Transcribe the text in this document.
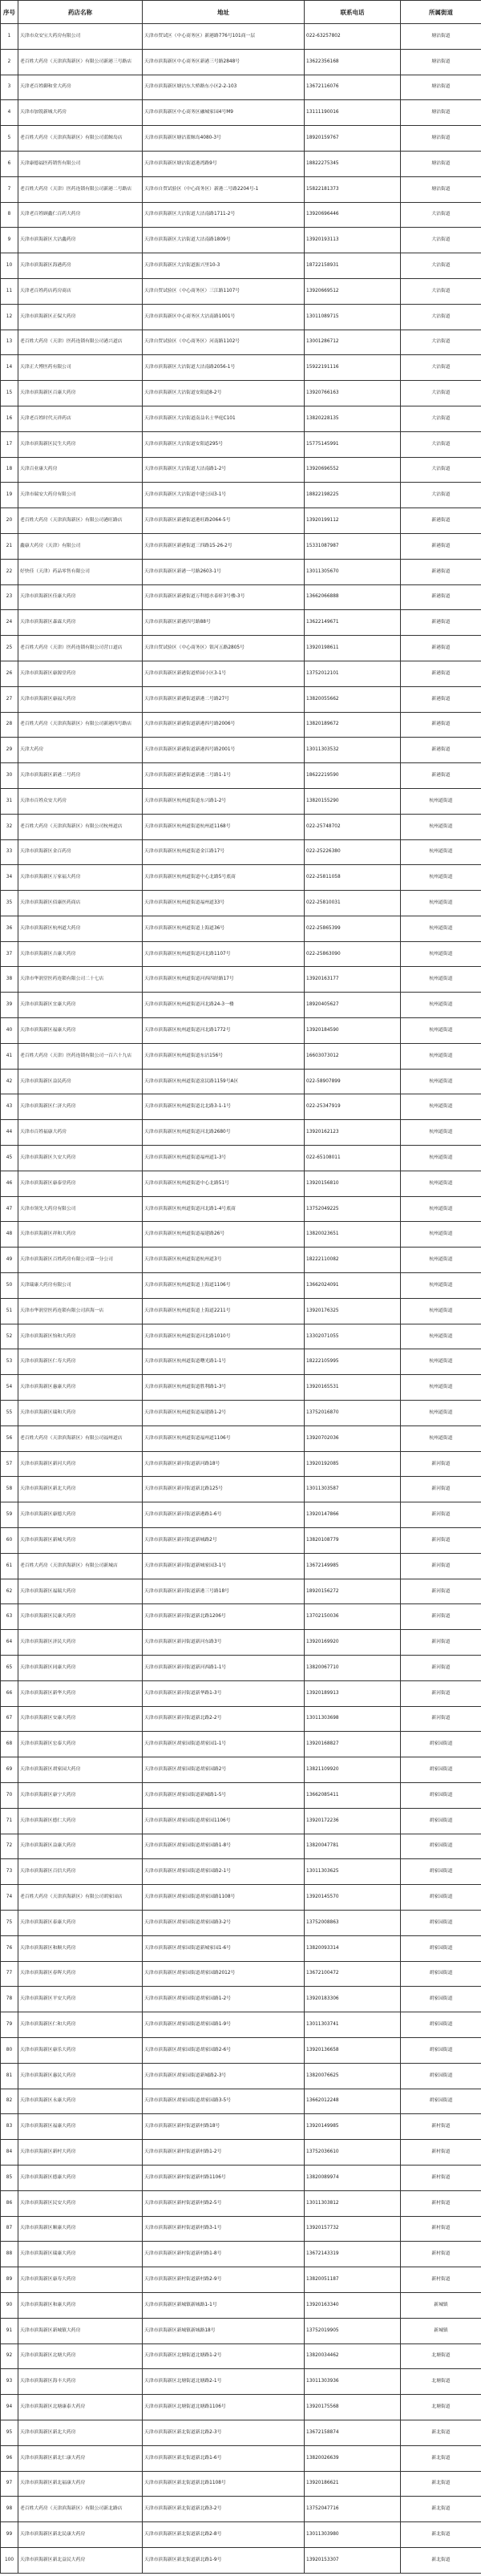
序号	药店名称	地址	联系电话	所属街道
1	天津市众安宝大药房有限公司	天津市贸试区（中心商务区）新港路776号101商一层	022-63257802	塘沽街道
2	老百姓大药房（天津滨海新区）有限公司新港三号路店	天津市滨海新区中心商务区新港三号路2848号	13622356168	塘沽街道
3	天津老百姓御和堂大药房	天津市滨海新区塘沽东大桥路东小区2-2-103	13672116076	塘沽街道
4	天津市加锐新城大药房	天津市滨海新区中心商务区融城家园4号M9	13111190016	塘沽街道
5	老百姓大药房（天津滨海新区）有限公司蓝鲸岛店	天津市滨海新区塘沽蓝鲸岛4080-3号	18920159767	塘沽街道
6	天津康德福医药销售有限公司	天津市滨海新区塘沽街道港湾路9号	18822275345	塘沽街道
7	老百姓大药房（天津）医药连锁有限公司新港二号路店	天津市自贸试验区（中心商务区）新港二号路2204号-1	15822181373	塘沽街道
8	天津老百姓顾鑫仁百药大药房	天津市滨海新区大沽街道大沽南路1711-2号	13920696446	大沽街道
9	天津市滨海新区大沽鑫药房	天津市滨海新区大沽街道大沽南路1809号	13920193113	大沽街道
10	天津市滨海新区海港药房	天津市滨海新区大沽街道振兴里10-3	18722158931	大沽街道
11	天津老百姓药店药房商店	天津自贸试验区（中心商务区）三江路1107号	13920669512	大沽街道
12	天津市滨海新区正保大药房	天津市滨海新区中心商务区大沽南路1001号	13011089715	大沽街道
13	老百姓大药房（天津）医药连锁有限公司港兴道店	天津自贸试验区（中心商务区）河南路1102号	13001286712	大沽街道
14	天津正大博医药有限公司	天津市滨海新区大沽街道大沽南路2056-1号	15922191116	大沽街道
15	天津市滨海新区百康大药房	天津市滨海新区大沽街道安阳道8-2号	13920766163	大沽街道
16	天津老百姓时代天祥药店	天津市滨海新区大沽街道南益名士华庭C101	13820228135	大沽街道
17	天津市滨海新区民生大药房	天津市滨海新区大沽街道安阳道295号	15775145991	大沽街道
18	天津百业康大药房	天津市滨海新区大沽街道大沽南路1-2号	13920696552	大沽街道
19	天津市瑞安大药房有限公司	天津市滨海新区大沽街道中建公园3-1号	18822198225	大沽街道
20	老百姓大药房（天津滨海新区）有限公司港旺路店	天津市滨海新区新港街道港旺路2064-5号	13920199112	新港街道
21	鑫康大药房（天津）有限公司	天津市滨海新区新港街道三四路15-26-2号	15331087987	新港街道
22	好快佳（天津）药品零售有限公司	天津市滨海新区新港一号路2603-1号	13011305670	新港街道
23	天津市滨海新区佳康大药房	天津市滨海新区新港街道万科德水泰轩3号楼-3号	13662066888	新港街道
24	天津市滨海新区森霖大药房	天津市滨海新区新港四号路88号	13622149671	新港街道
25	老百姓大药房（天津）医药连锁有限公司营口道店	天津自贸试验区（中心商务区）银河五路2805号	13920198611	新港街道
26	天津市滨海新区康源堂药房	天津市滨海新区新港街道桥园小区3-1号	13752012101	新港街道
27	天津市滨海新区康福大药房	天津市滨海新区新港街道新港二号路27号	13820055662	新港街道
28	老百姓大药房（天津滨海新区）有限公司新港四号路店	天津市滨海新区新港街道新港四号路2006号	13820189672	新港街道
29	天津大药房	天津市滨海新区新港街道新港四号路2001号	13011303532	新港街道
30	天津市滨海新区新港二号药房	天津市滨海新区新港街道新港二号路1-1号	18622219590	新港街道
31	天津市百姓众安大药房	天津市滨海新区杭州道街道东兴路1-2号	13820155290	杭州道街道
32	老百姓大药房（天津滨海新区）有限公司杭州道店	天津市滨海新区杭州道街道杭州道1168号	022-25748702	杭州道街道
33	天津市滨海新区金百药房	天津市滨海新区杭州道街道金江路17号	022-25226380	杭州道街道
34	天津市滨海新区万家福大药房	天津市滨海新区杭州道街道中心北路5号底商	022-25811058	杭州道街道
35	天津市滨海新区佰康医药商店	天津市滨海新区杭州道街道福州道33号	022-25810031	杭州道街道
36	天津市滨海新区杭州道大药房	天津市滨海新区杭州道街道上海道36号	022-25865399	杭州道街道
37	天津市滨海新区吉康大药房	天津市滨海新区杭州道街道河北路1107号	022-25863090	杭州道街道
38	天津市华润堂医药连锁有限公司二十七店	天津市滨海新区杭州道街道河西四经路17号	13920163177	杭州道街道
39	天津市滨海新区宜康大药房	天津市滨海新区杭州道街道河北路24-3一楼	18920405627	杭州道街道
40	天津市滨海新区福康大药房	天津市滨海新区杭州道街道河北路1772号	13920184590	杭州道街道
41	老百姓大药房（天津）医药连锁有限公司一百六十九店	天津市滨海新区杭州道街道东沽156号	16603073012	杭州道街道
42	天津市滨海新区益民药房	天津市滨海新区杭州道街道富民路1159号A区	022-58907899	杭州道街道
43	天津市滨海新区仁济大药房	天津市滨海新区杭州道街道北北路3-1-1号	022-25347919	杭州道街道
44	天津市百姓福康大药房	天津市滨海新区杭州道街道河北路2680号	13920162123	杭州道街道
45	天津市滨海新区久安大药房	天津市滨海新区杭州道街道福州道1-3号	022-65108011	杭州道街道
46	天津市滨海新区康泰堂药房	天津市滨海新区杭州道街道中心北路51号	13920156810	杭州道街道
47	天津市领先大药房有限公司	天津市滨海新区杭州道街道河北路1-4号底商	13752049225	杭州道街道
48	天津市滨海新区祥和大药房	天津市滨海新区杭州道街道福建路26号	13820023651	杭州道街道
49	天津市滨海新区百姓药房有限公司第一分公司	天津市滨海新区杭州道街道杭州道3号	18222110082	杭州道街道
50	天津瑞康大药房有限公司	天津市滨海新区杭州道街道上海道1106号	13662024091	杭州道街道
51	天津市华润堂医药连锁有限公司滨海一店	天津市滨海新区杭州道街道上海道2211号	13920176325	杭州道街道
52	天津市滨海新区怡和大药房	天津市滨海新区杭州道街道河北路1010号	13302071055	杭州道街道
53	天津市滨海新区仁寿大药房	天津市滨海新区杭州道街道曙光路1-1号	18222105995	杭州道街道
54	天津市滨海新区惠康大药房	天津市滨海新区杭州道街道胜利路1-3号	13920165531	杭州道街道
55	天津市滨海新区瑞和大药房	天津市滨海新区杭州道街道福建路1-2号	13752016870	杭州道街道
56	老百姓大药房（天津滨海新区）有限公司福州道店	天津市滨海新区杭州道街道福州道1106号	13920702036	杭州道街道
57	天津市滨海新区新河大药房	天津市滨海新区新河街道新河路18号	13920192085	新河街道
58	天津市滨海新区新北大药房	天津市滨海新区新河街道新北路125号	13011303587	新河街道
59	天津市滨海新区康德大药房	天津市滨海新区新河街道新港路1-6号	13920147866	新河街道
60	天津市滨海新区新城大药房	天津市滨海新区新河街道新城路2号	13820108779	新河街道
61	老百姓大药房（天津滨海新区）有限公司新城店	天津市滨海新区新河街道新城家园3-1号	13672149985	新河街道
62	天津市滨海新区福瑞大药房	天津市滨海新区新河街道新港三号路18号	18920156272	新河街道
63	天津市滨海新区民康大药房	天津市滨海新区新河街道新北路1206号	13702150036	新河街道
64	天津市滨海新区济民大药房	天津市滨海新区新河街道新河东路3号	13920169920	新河街道
65	天津市滨海新区同康大药房	天津市滨海新区新河街道新河西路1-1号	13820067710	新河街道
66	天津市滨海新区新华大药房	天津市滨海新区新河街道新华路1-3号	13920189913	新河街道
67	天津市滨海新区安康大药房	天津市滨海新区新河街道新北路2-2号	13011303698	新河街道
68	天津市滨海新区宏泰大药房	天津市滨海新区胡家园街道胡家园1-1号	13920168827	胡家园街道
69	天津市滨海新区胡家园大药房	天津市滨海新区胡家园街道胡家园路2号	13821109920	胡家园街道
70	天津市滨海新区康宁大药房	天津市滨海新区胡家园街道新城路1-5号	13662085411	胡家园街道
71	天津市滨海新区德仁大药房	天津市滨海新区胡家园街道胡家园1106号	13920172236	胡家园街道
72	天津市滨海新区益康大药房	天津市滨海新区胡家园街道胡家园路1-8号	13820047781	胡家园街道
73	天津市滨海新区百信大药房	天津市滨海新区胡家园街道胡家园路2-1号	13011303625	胡家园街道
74	老百姓大药房（天津滨海新区）有限公司胡家园店	天津市滨海新区胡家园街道胡家园路1108号	13920145570	胡家园街道
75	天津市滨海新区泰康大药房	天津市滨海新区胡家园街道胡家园路3-2号	13752008863	胡家园街道
76	天津市滨海新区和顺大药房	天津市滨海新区胡家园街道新城家园1-6号	13820093314	胡家园街道
77	天津市滨海新区春晖大药房	天津市滨海新区胡家园街道胡家园路2012号	13672100472	胡家园街道
78	天津市滨海新区平安大药房	天津市滨海新区胡家园街道胡家园路1-2号	13920183306	胡家园街道
79	天津市滨海新区仁和大药房	天津市滨海新区胡家园街道胡家园路1-9号	13011303741	胡家园街道
80	天津市滨海新区康乐大药房	天津市滨海新区胡家园街道胡家园路2-6号	13920136658	胡家园街道
81	天津市滨海新区惠民大药房	天津市滨海新区胡家园街道新城路2-3号	13820076625	胡家园街道
82	天津市滨海新区永康大药房	天津市滨海新区胡家园街道胡家园路3-5号	13662012248	胡家园街道
83	天津市滨海新区福康大药房	天津市滨海新区新村街道新村路18号	13920149985	新村街道
84	天津市滨海新区新村大药房	天津市滨海新区新村街道新村路1-2号	13752036610	新村街道
85	天津市滨海新区德康大药房	天津市滨海新区新村街道新村路1106号	13820089974	新村街道
86	天津市滨海新区民安大药房	天津市滨海新区新村街道新村路2-5号	13011303812	新村街道
87	天津市滨海新区顺康大药房	天津市滨海新区新村街道新村路3-1号	13920157732	新村街道
88	天津市滨海新区瑞康大药房	天津市滨海新区新村街道新村路1-8号	13672143319	新村街道
89	天津市滨海新区康寿大药房	天津市滨海新区新村街道新村路2-9号	13820051187	新村街道
90	天津市滨海新区和康大药房	天津市滨海新区新城镇新城路1-1号	13920163340	新城镇
91	天津市滨海新区新城镇大药房	天津市滨海新区新城镇新城路18号	13752019905	新城镇
92	天津市滨海新区北塘大药房	天津市滨海新区北塘街道北塘路1-2号	13820034462	北塘街道
93	天津市滨海新区海丰大药房	天津市滨海新区北塘街道北塘路2-1号	13011303936	北塘街道
94	天津市滨海新区北塘康泰大药房	天津市滨海新区北塘街道北塘路1106号	13920175568	北塘街道
95	天津市滨海新区新北大药房	天津市滨海新区新北街道新北路2-3号	13672158874	新北街道
96	天津市滨海新区新北仁康大药房	天津市滨海新区新北街道新北路1-6号	13820026639	新北街道
97	天津市滨海新区新北福康大药房	天津市滨海新区新北街道新北路1108号	13920186621	新北街道
98	老百姓大药房（天津滨海新区）有限公司新北路店	天津市滨海新区新北街道新北路3-2号	13752047716	新北街道
99	天津市滨海新区新北民康大药房	天津市滨海新区新北街道新北路2-8号	13011303980	新北街道
100	天津市滨海新区新北益民大药房	天津市滨海新区新北街道新北路1-9号	13920153307	新北街道
